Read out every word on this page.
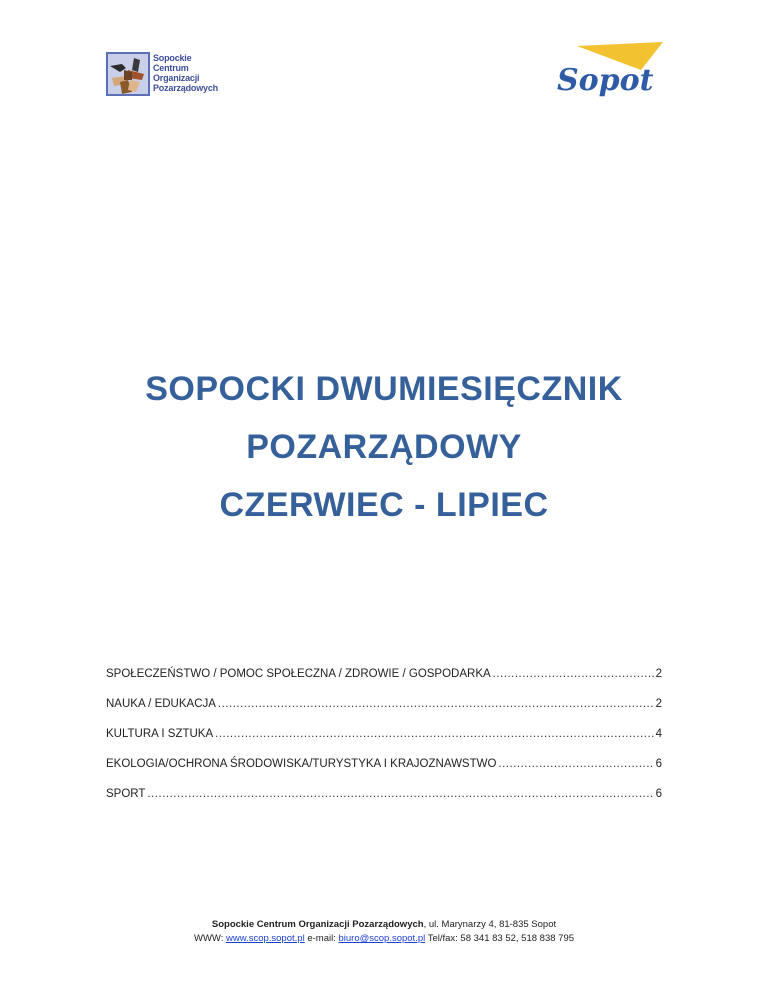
Sopockie
Centrum
Organizacji
Pozarządowych	Sopot
SOPOCKI DWUMIESIĘCZNIK
POZARZĄDOWY
CZERWIEC - LIPIEC
SPOŁECZEŃSTWO / POMOC SPOŁECZNA / ZDROWIE / GOSPODARKA .....	2
NAUKA / EDUKACJA .....	2
KULTURA I SZTUKA .....	4
EKOLOGIA/OCHRONA ŚRODOWISKA/TURYSTYKA I KRAJOZNAWSTWO .....	6
SPORT .....	6
Sopockie Centrum Organizacji Pozarządowych, ul. Marynarzy 4, 81-835 Sopot
WWW: www.scop.sopot.pl e-mail: biuro@scop.sopot.pl Tel/fax: 58 341 83 52, 518 838 795
